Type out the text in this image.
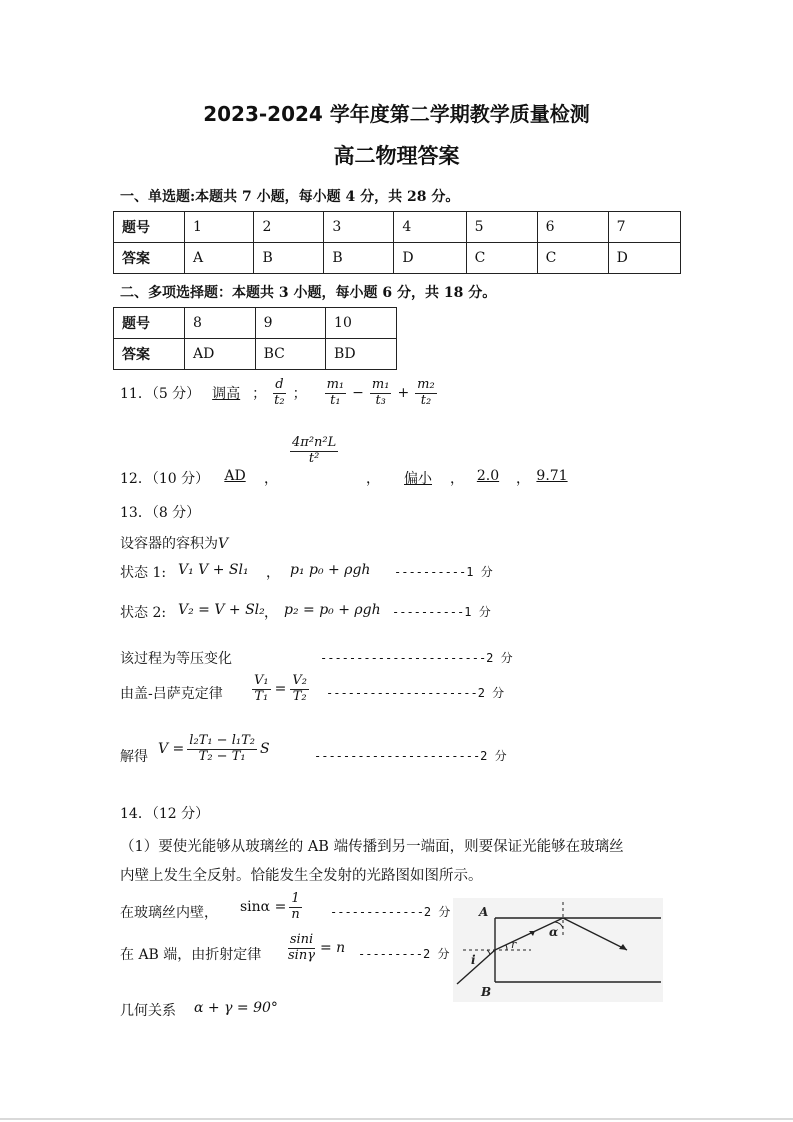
2023-2024 学年度第二学期教学质量检测
高二物理答案
一、单选题:本题共 7 小题，每小题 4 分，共 28 分。
题号	1	2	3	4	5	6	7
答案	A	B	B	D	C	C	D
二、多项选择题：本题共 3 小题，每小题 6 分，共 18 分。
题号	8	9	10
答案	AD	BC	BD
11．（5 分） 调高 ； $\frac{d}{\text{t₂}}$ ； $\frac{\text{m₁}}{\text{t₁}} - \frac{\text{m₁}}{\text{t₃}} + \frac{\text{m₂}}{\text{t₂}}$
12．（10 分）	AD	，
$\frac{\text{4π²n²L}}{\text{t²}}$
，	偏小	， 2.0	， 9.71
13．（8 分）
设容器的容积为V
状态 1: V₁ V + Sl₁ ， p₁ p₀ + ρgh ----------1 分
状态 2: V₂ = V + Sl₂ ， p₂ = p₀ + ρgh ----------1 分
该过程为等压变化	-----------------------2 分
由盖-吕萨克定律 $\frac{\text{V₁}}{\text{T₁}} = \frac{\text{V₂}}{\text{T₂}} ---------------------2$ 分
解得 $V = \frac{\text{l₂T₁ − l₁T₂}}{\text{T₂ − T₁}}$ S	-----------------------2 分
14．（12 分）
（1）要使光能够从玻璃丝的 AB 端传播到另一端面，则要保证光能够在玻璃丝
内壁上发生全反射。恰能发生全发射的光路图如图所示。
在玻璃丝内壁， $\sin\alpha = \frac{1}{n} -------------2$ 分
在 AB 端，由折射定律 $\frac{\sin i}{\sin\gamma} = n$ ---------2 分
几何关系 α + γ = 90°
A
B
i
r
α
